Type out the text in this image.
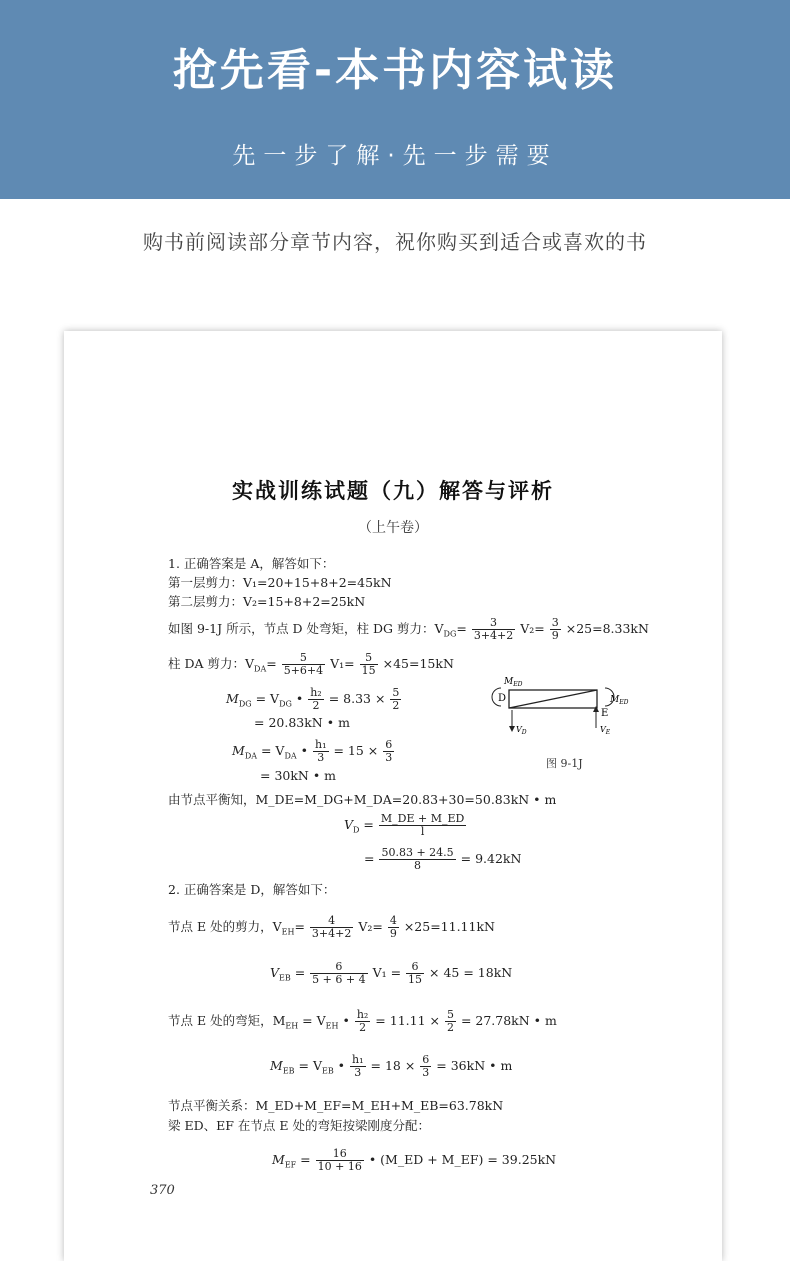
抢先看-本书内容试读
先一步了解·先一步需要
购书前阅读部分章节内容，祝你购买到适合或喜欢的书
实战训练试题（九）解答与评析
（上午卷）
1. 正确答案是 A，解答如下：
第一层剪力：V₁=20+15+8+2=45kN
第二层剪力：V₂=15+8+2=25kN
如图 9-1J 所示，节点 D 处弯矩，柱 DG 剪力：$V_{DG}= \frac{3}{3+4+2} V_2= \frac{3}{9} \times 25=8.33kN$
柱 DA 剪力：$V_{DA}= \frac{5}{5+6+4} V_1= \frac{5}{15} \times 45=15kN$
$M_{DG} = V_{DG}$ • $\frac{\text{h₂}}{2} = 8.33 \times \frac{5}{2}$
= 20.83kN • m
$M_{DA} = V_{DA}$ • $\frac{\text{h₁}}{3} = 15 \times \frac{6}{3}$
= 30kN • m
由节点平衡知，M_DE=M_DG+M_DA=20.83+30=50.83kN • m
$V_D = \frac{M\_DE + M\_ED}{l}$
= $\frac{50.83 + 24.5}{8} = 9.42kN$
$M_{ED}$
$M_{ED}$
D
E
$V_D$	$V_E$
图 9-1J
2. 正确答案是 D，解答如下：
节点 E 处的剪力，$V_{EH}= \frac{4}{3+4+2} V_2= \frac{4}{9} \times 25=11.11kN$
$V_{EB} = \frac{6}{5 + 6 + 4} V_1 = \frac{6}{15} \times 45 = 18kN$
节点 E 处的弯矩，$M_{EH} = V_{EH}$ • $\frac{\text{h₂}}{2} = 11.11 \times \frac{5}{2} = 27.78kN$ • m
$M_{EB} = V_{EB}$ • $\frac{\text{h₁}}{3} = 18 \times \frac{6}{3} = 36kN$ • m
节点平衡关系：M_ED+M_EF=M_EH+M_EB=63.78kN
梁 ED、EF 在节点 E 处的弯矩按梁刚度分配：
$M_{EF} = \frac{16}{10 + 16}$ • (M_ED + M_EF) = 39.25kN
370
